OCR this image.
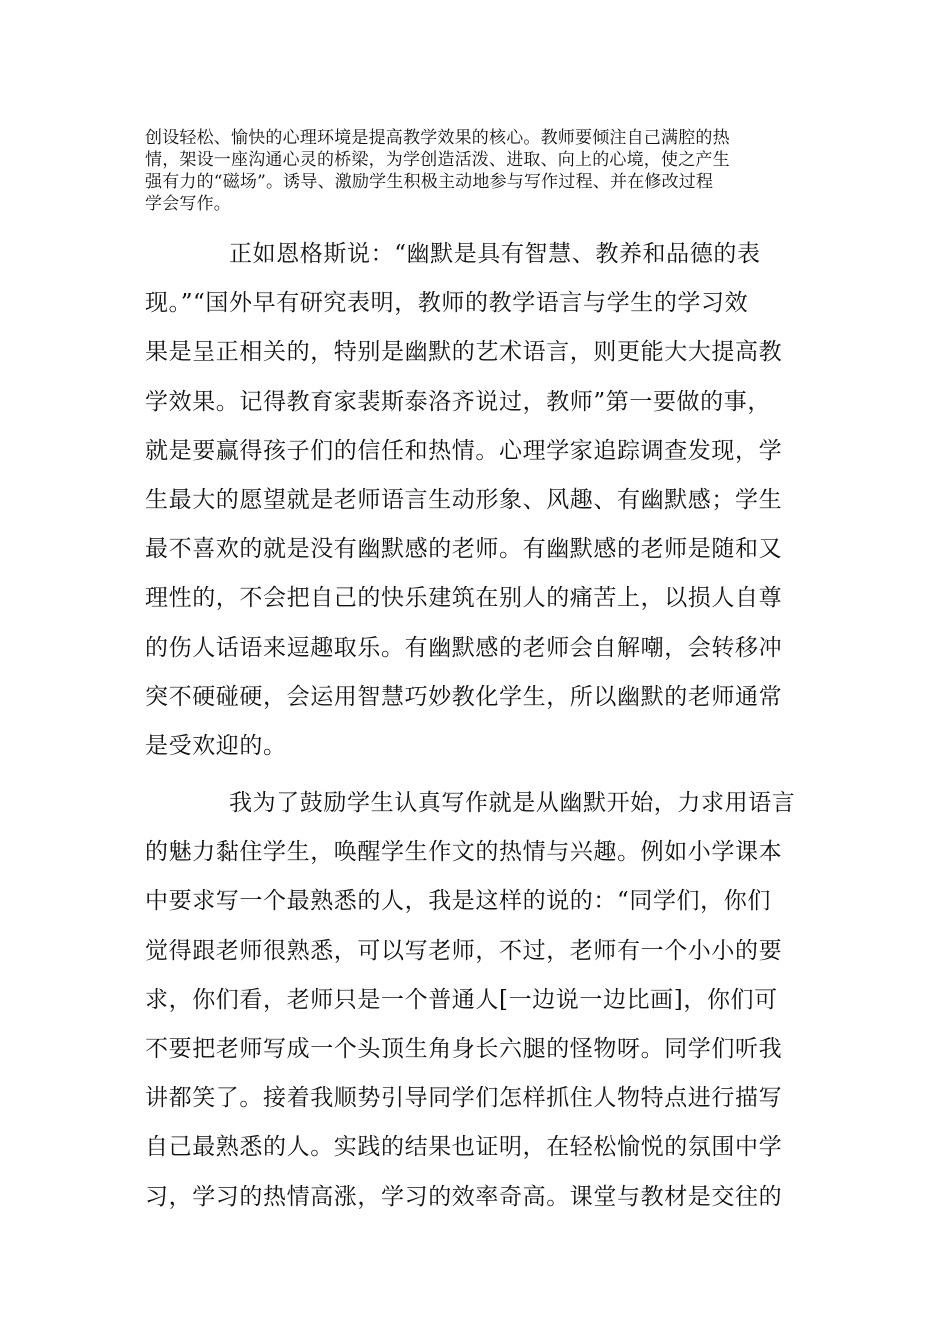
创设轻松、愉快的心理环境是提高教学效果的核心。教师要倾注自己满腔的热
情，架设一座沟通心灵的桥梁，为学创造活泼、进取、向上的心境，使之产生
强有力的“磁场”。诱导、激励学生积极主动地参与写作过程、并在修改过程
学会写作。
正如恩格斯说：“幽默是具有智慧、教养和品德的表
现。”“国外早有研究表明，教师的教学语言与学生的学习效
果是呈正相关的，特别是幽默的艺术语言，则更能大大提高教
学效果。记得教育家裴斯泰洛齐说过，教师”第一要做的事，
就是要赢得孩子们的信任和热情。心理学家追踪调查发现，学
生最大的愿望就是老师语言生动形象、风趣、有幽默感；学生
最不喜欢的就是没有幽默感的老师。有幽默感的老师是随和又
理性的，不会把自己的快乐建筑在别人的痛苦上，以损人自尊
的伤人话语来逗趣取乐。有幽默感的老师会自解嘲，会转移冲
突不硬碰硬，会运用智慧巧妙教化学生，所以幽默的老师通常
是受欢迎的。
我为了鼓励学生认真写作就是从幽默开始，力求用语言
的魅力黏住学生，唤醒学生作文的热情与兴趣。例如小学课本
中要求写一个最熟悉的人，我是这样的说的：“同学们，你们
觉得跟老师很熟悉，可以写老师，不过，老师有一个小小的要
求，你们看，老师只是一个普通人[一边说一边比画]，你们可
不要把老师写成一个头顶生角身长六腿的怪物呀。同学们听我
讲都笑了。接着我顺势引导同学们怎样抓住人物特点进行描写
自己最熟悉的人。实践的结果也证明，在轻松愉悦的氛围中学
习，学习的热情高涨，学习的效率奇高。课堂与教材是交往的
